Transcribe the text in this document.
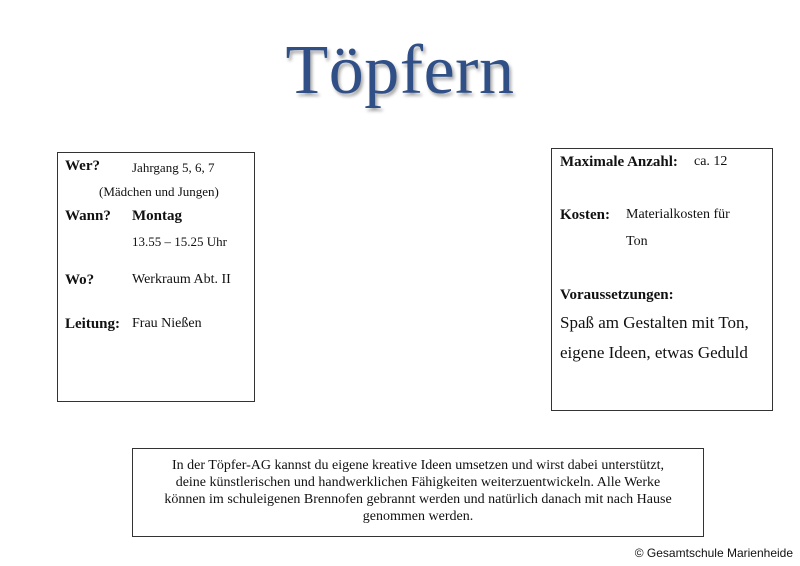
Töpfern
Wer? Jahrgang 5, 6, 7
(Mädchen und Jungen)
Wann? Montag
13.55 – 15.25 Uhr
Wo?	Werkraum Abt. II
Leitung: Frau Nießen
Maximale Anzahl: ca. 12
Kosten: Materialkosten für
Ton
Voraussetzungen:
Spaß am Gestalten mit Ton,
eigene Ideen, etwas Geduld
In der Töpfer-AG kannst du eigene kreative Ideen umsetzen und wirst dabei unterstützt,
deine künstlerischen und handwerklichen Fähigkeiten weiterzuentwickeln. Alle Werke
können im schuleigenen Brennofen gebrannt werden und natürlich danach mit nach Hause
genommen werden.
© Gesamtschule Marienheide
